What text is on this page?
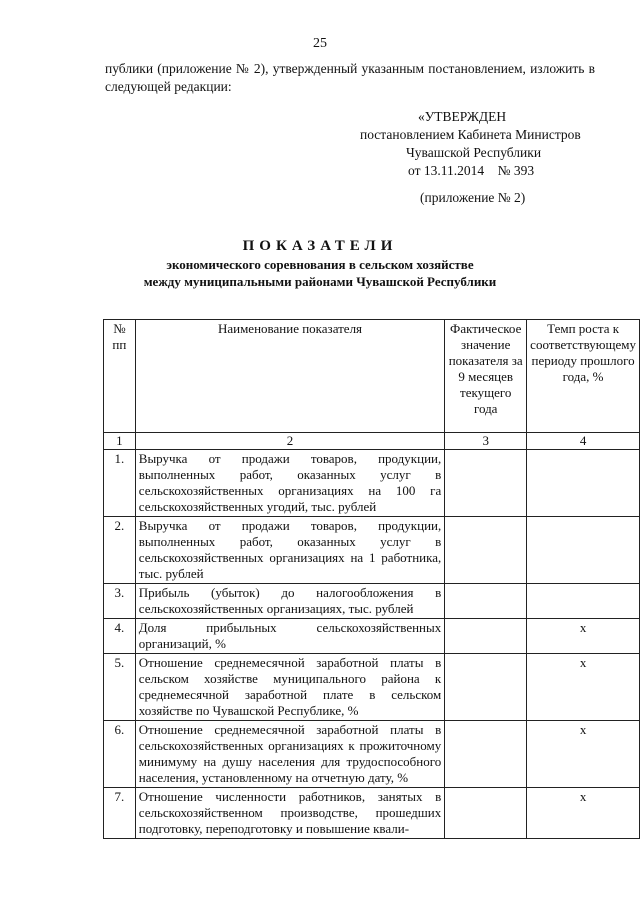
25
публики (приложение № 2), утвержденный указанным постановлением, изложить в следующей редакции:
«УТВЕРЖДЕН
постановлением Кабинета Министров
Чувашской Республики
от 13.11.2014    № 393
(приложение № 2)
ПОКАЗАТЕЛИ
экономического соревнования в сельском хозяйстве
между муниципальными районами Чувашской Республики
№ пп	Наименование показателя	Фактическое значение показателя за 9 месяцев текущего года	Темп роста к соответствующему периоду прошлого года, %
1	2	3	4
1.	Выручка от продажи товаров, продукции, выполненных работ, оказанных услуг в сельскохозяйственных организациях на 100 га сельскохозяйственных угодий, тыс. рублей		
2.	Выручка от продажи товаров, продукции, выполненных работ, оказанных услуг в сельскохозяйственных организациях на 1 работника, тыс. рублей		
3.	Прибыль (убыток) до налогообложения в сельскохозяйственных организациях, тыс. рублей		
4.	Доля прибыльных сельскохозяйственных организаций, %		x
5.	Отношение среднемесячной заработной платы в сельском хозяйстве муниципального района к среднемесячной заработной плате в сельском хозяйстве по Чувашской Республике, %		x
6.	Отношение среднемесячной заработной платы в сельскохозяйственных организациях к прожиточному минимуму на душу населения для трудоспособного населения, установленному на отчетную дату, %		x
7.	Отношение численности работников, занятых в сельскохозяйственном производстве, прошедших подготовку, переподготовку и повышение квали-		x
